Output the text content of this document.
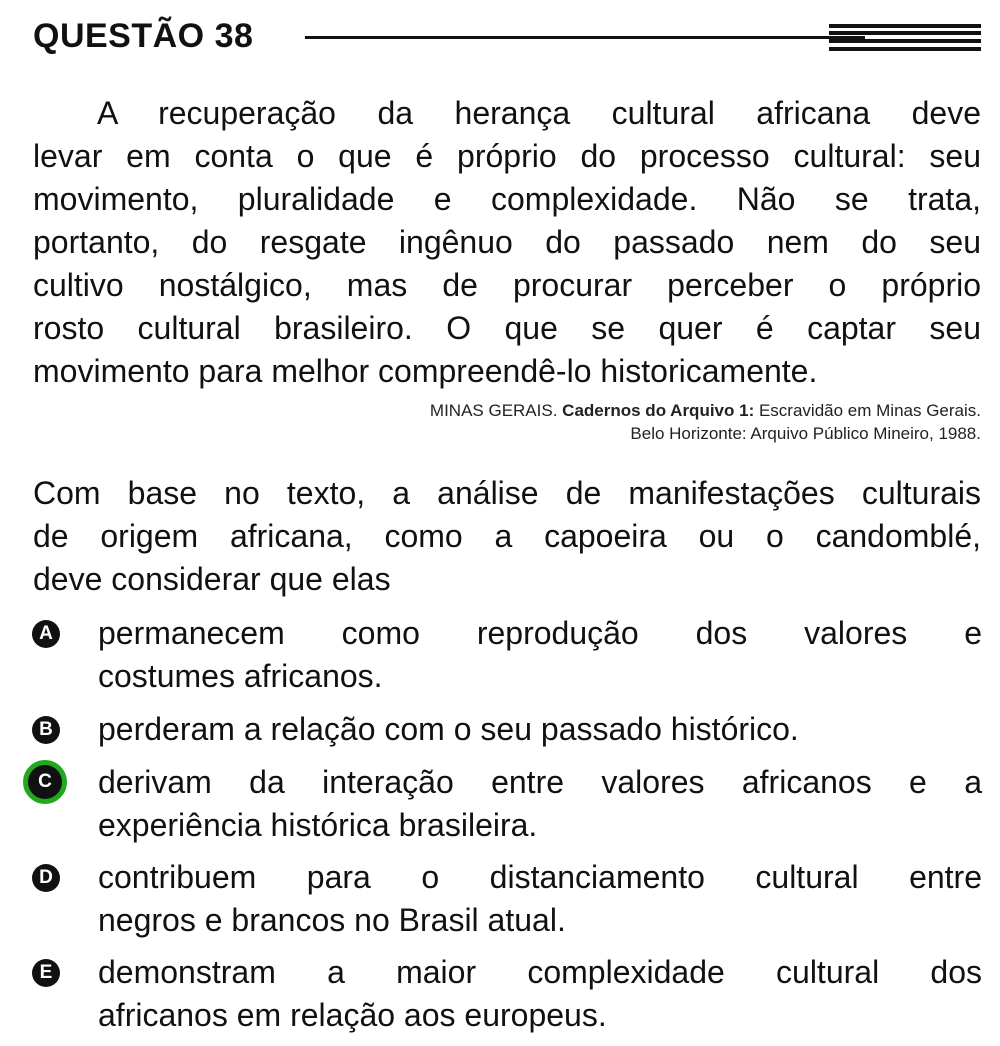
QUESTÃO 38
A recuperação da herança cultural africana deve
levar em conta o que é próprio do processo cultural: seu
movimento, pluralidade e complexidade. Não se trata,
portanto, do resgate ingênuo do passado nem do seu
cultivo nostálgico, mas de procurar perceber o próprio
rosto cultural brasileiro. O que se quer é captar seu
movimento para melhor compreendê-lo historicamente.
MINAS GERAIS. Cadernos do Arquivo 1: Escravidão em Minas Gerais.
Belo Horizonte: Arquivo Público Mineiro, 1988.
Com base no texto, a análise de manifestações culturais
de origem africana, como a capoeira ou o candomblé,
deve considerar que elas
A permanecem como reprodução dos valores e
costumes africanos.
B perderam a relação com o seu passado histórico.
C	derivam da interação entre valores africanos e a
experiência histórica brasileira.
D contribuem para o distanciamento cultural entre
negros e brancos no Brasil atual.
E demonstram a maior complexidade cultural dos
africanos em relação aos europeus.
